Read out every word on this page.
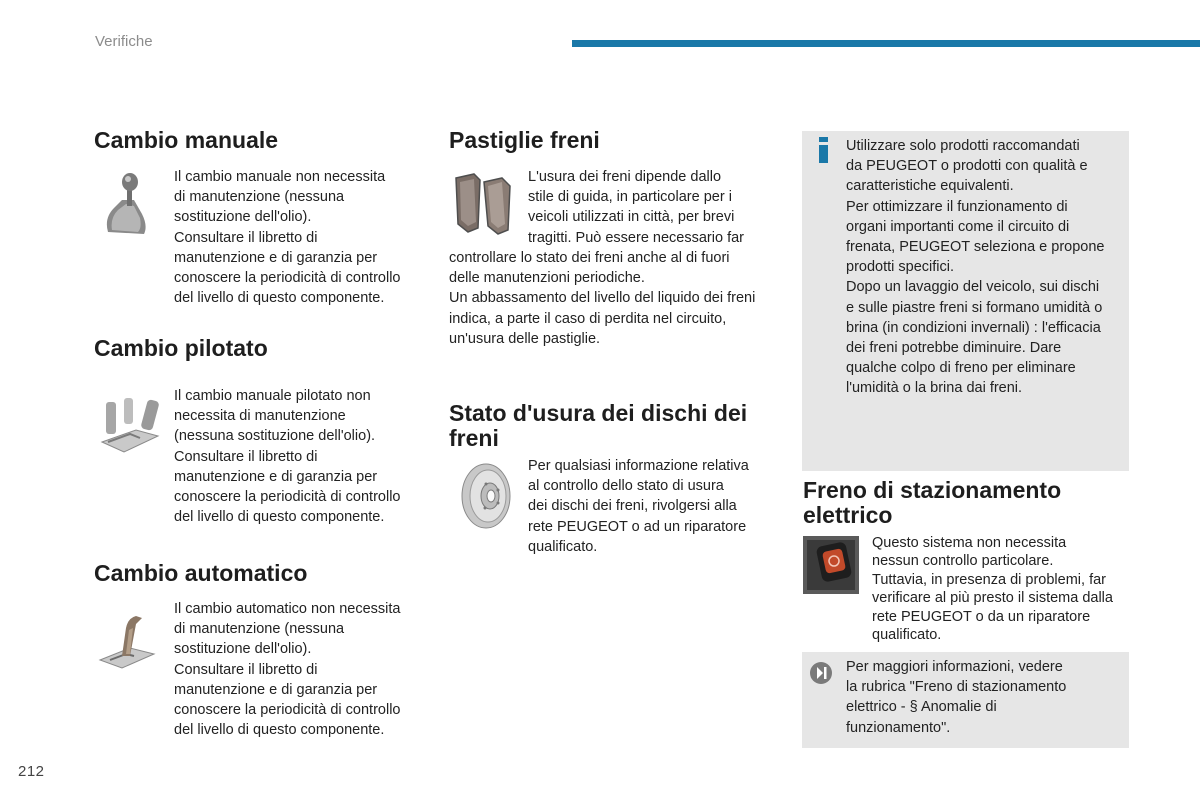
Verifiche
Cambio manuale
Il cambio manuale non necessita
di manutenzione (nessuna
sostituzione dell'olio).
Consultare il libretto di
manutenzione e di garanzia per
conoscere la periodicità di controllo
del livello di questo componente.
Cambio pilotato
Il cambio manuale pilotato non
necessita di manutenzione
(nessuna sostituzione dell'olio).
Consultare il libretto di
manutenzione e di garanzia per
conoscere la periodicità di controllo
del livello di questo componente.
Cambio automatico
Il cambio automatico non necessita
di manutenzione (nessuna
sostituzione dell'olio).
Consultare il libretto di
manutenzione e di garanzia per
conoscere la periodicità di controllo
del livello di questo componente.
Pastiglie freni
L'usura dei freni dipende dallo
stile di guida, in particolare per i
veicoli utilizzati in città, per brevi
tragitti. Può essere necessario far
controllare lo stato dei freni anche al di fuori
delle manutenzioni periodiche.
Un abbassamento del livello del liquido dei freni
indica, a parte il caso di perdita nel circuito,
un'usura delle pastiglie.
Stato d'usura dei dischi dei
freni
Per qualsiasi informazione relativa
al controllo dello stato di usura
dei dischi dei freni, rivolgersi alla
rete PEUGEOT o ad un riparatore
qualificato.
Utilizzare solo prodotti raccomandati
da PEUGEOT o prodotti con qualità e
caratteristiche equivalenti.
Per ottimizzare il funzionamento di
organi importanti come il circuito di
frenata, PEUGEOT seleziona e propone
prodotti specifici.
Dopo un lavaggio del veicolo, sui dischi
e sulle piastre freni si formano umidità o
brina (in condizioni invernali) : l'efficacia
dei freni potrebbe diminuire. Dare
qualche colpo di freno per eliminare
l'umidità o la brina dai freni.
Freno di stazionamento
elettrico
Questo sistema non necessita
nessun controllo particolare.
Tuttavia, in presenza di problemi, far
verificare al più presto il sistema dalla
rete PEUGEOT o da un riparatore
qualificato.
Per maggiori informazioni, vedere
la rubrica "Freno di stazionamento
elettrico - § Anomalie di
funzionamento".
212
